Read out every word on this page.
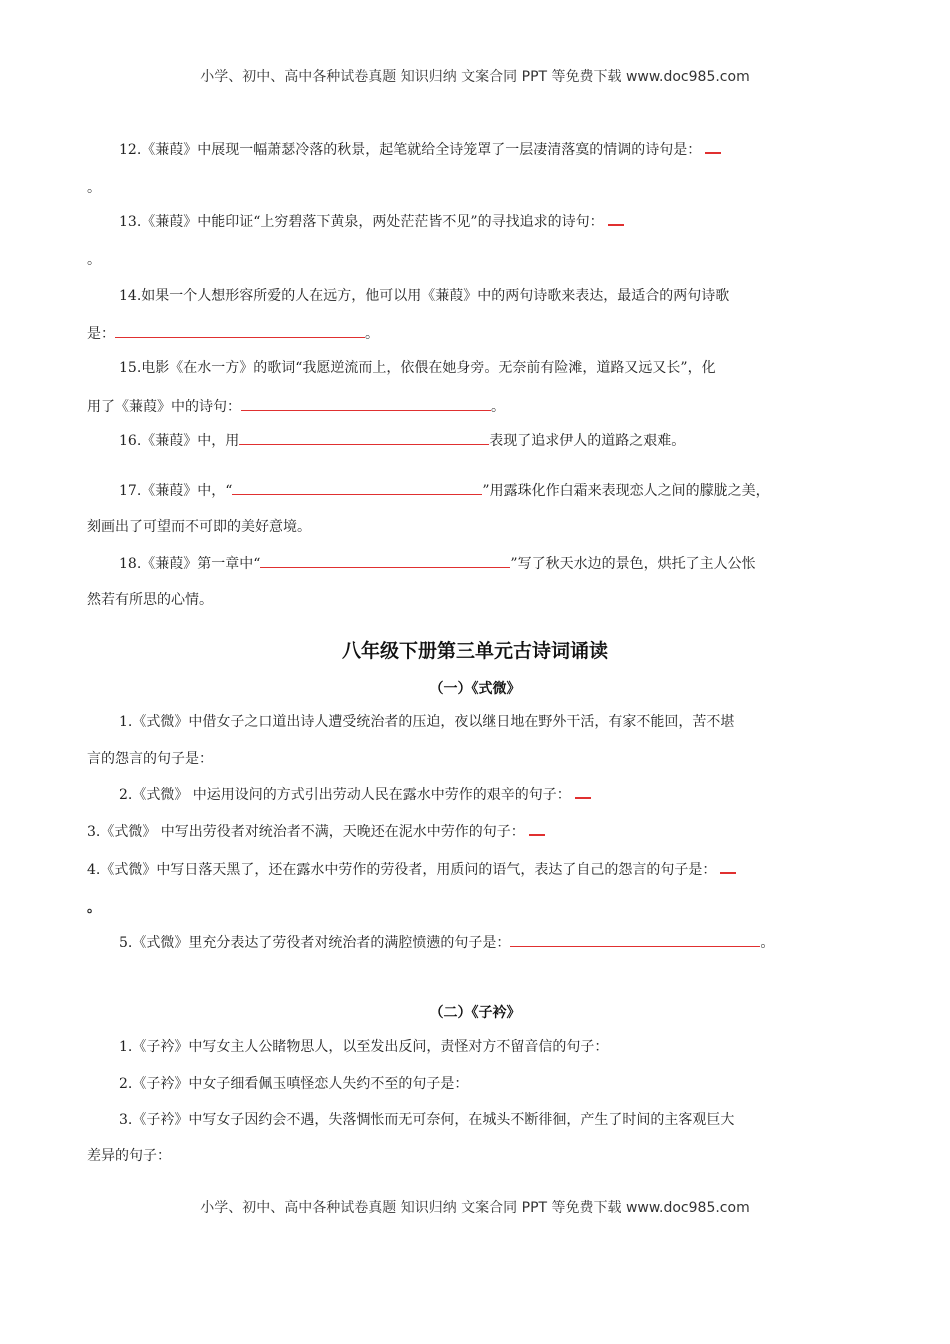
小学、初中、高中各种试卷真题 知识归纳 文案合同 PPT 等免费下载 www.doc985.com
12.《蒹葭》中展现一幅萧瑟冷落的秋景，起笔就给全诗笼罩了一层凄清落寞的情调的诗句是：
。
13.《蒹葭》中能印证“上穷碧落下黄泉，两处茫茫皆不见”的寻找追求的诗句：
。
14.如果一个人想形容所爱的人在远方，他可以用《蒹葭》中的两句诗歌来表达，最适合的两句诗歌
是：	。
15.电影《在水一方》的歌词“我愿逆流而上，依偎在她身旁。无奈前有险滩，道路又远又长”，化
用了《蒹葭》中的诗句：	。
16.《蒹葭》中，用	表现了追求伊人的道路之艰难。
17.《蒹葭》中，“	”用露珠化作白霜来表现恋人之间的朦胧之美，
刻画出了可望而不可即的美好意境。
18.《蒹葭》第一章中“	”写了秋天水边的景色，烘托了主人公怅
然若有所思的心情。
八年级下册第三单元古诗词诵读
（一）《式微》
1.《式微》中借女子之口道出诗人遭受统治者的压迫，夜以继日地在野外干活，有家不能回，苦不堪
言的怨言的句子是：
2.《式微》 中运用设问的方式引出劳动人民在露水中劳作的艰辛的句子：
3.《式微》 中写出劳役者对统治者不满，天晚还在泥水中劳作的句子：
4.《式微》中写日落天黑了，还在露水中劳作的劳役者，用质问的语气，表达了自己的怨言的句子是：
。
5.《式微》里充分表达了劳役者对统治者的满腔愤懑的句子是：	。
（二）《子衿》
1.《子衿》中写女主人公睹物思人，以至发出反问，责怪对方不留音信的句子：
2.《子衿》中女子细看佩玉嗔怪恋人失约不至的句子是：
3.《子衿》中写女子因约会不遇，失落惆怅而无可奈何，在城头不断徘徊，产生了时间的主客观巨大
差异的句子：
小学、初中、高中各种试卷真题 知识归纳 文案合同 PPT 等免费下载 www.doc985.com
